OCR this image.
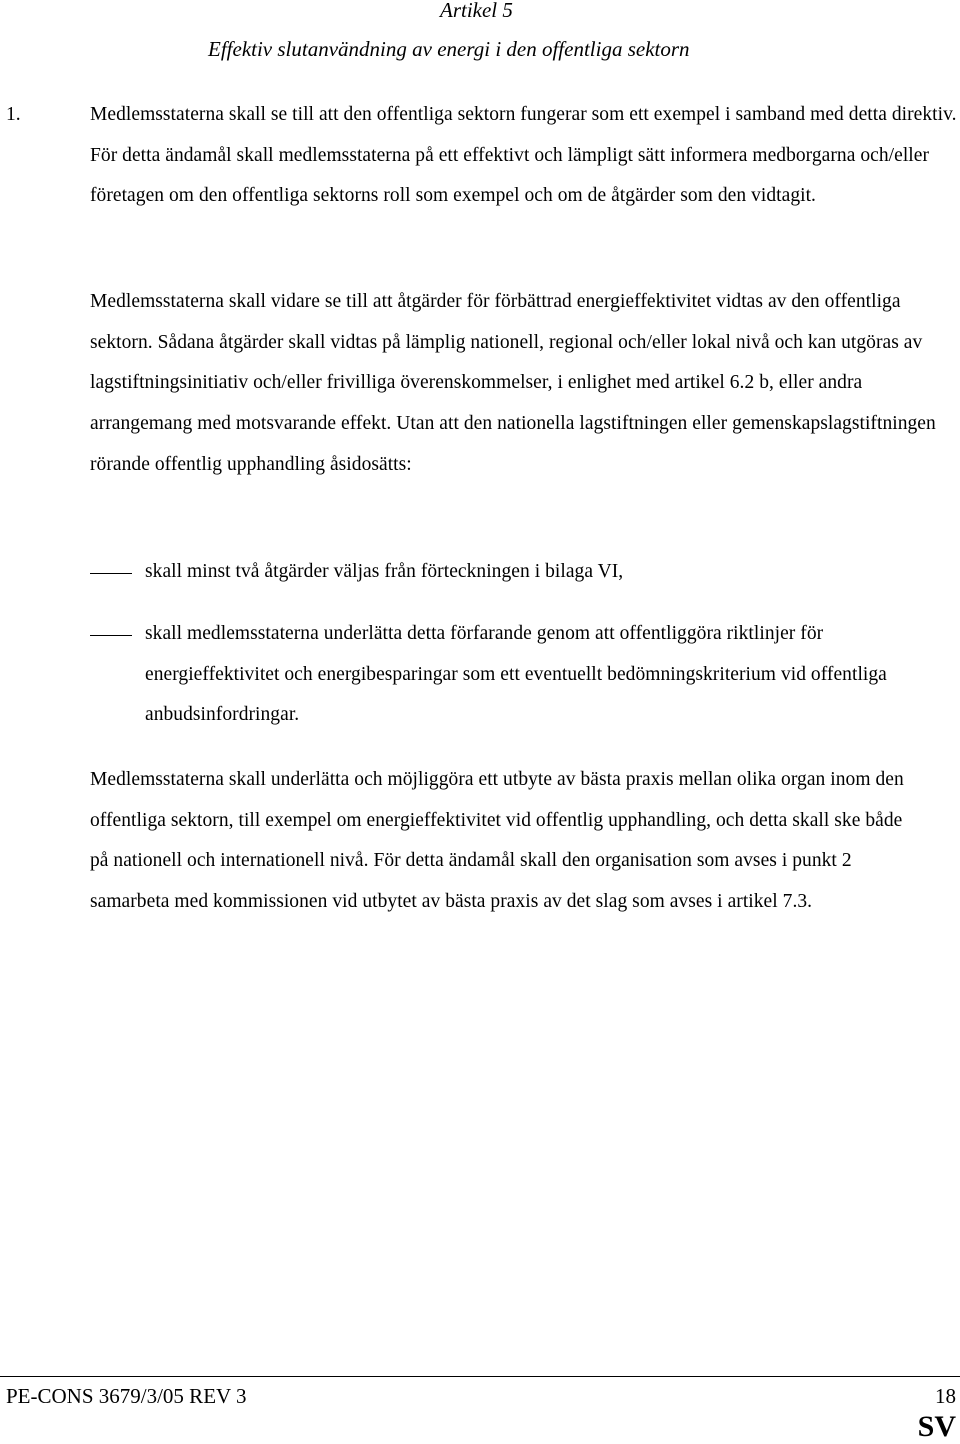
Artikel 5
Effektiv slutanvändning av energi i den offentliga sektorn
1.	Medlemsstaterna skall se till att den offentliga sektorn fungerar som ett exempel i samband med detta direktiv. För detta ändamål skall medlemsstaterna på ett effektivt och lämpligt sätt informera medborgarna och/eller företagen om den offentliga sektorns roll som exempel och om de åtgärder som den vidtagit.
Medlemsstaterna skall vidare se till att åtgärder för förbättrad energieffektivitet vidtas av den offentliga sektorn. Sådana åtgärder skall vidtas på lämplig nationell, regional och/eller lokal nivå och kan utgöras av lagstiftningsinitiativ och/eller frivilliga överenskommelser, i enlighet med artikel 6.2 b, eller andra arrangemang med motsvarande effekt. Utan att den nationella lagstiftningen eller gemenskapslagstiftningen rörande offentlig upphandling åsidosätts:
skall minst två åtgärder väljas från förteckningen i bilaga VI,
skall medlemsstaterna underlätta detta förfarande genom att offentliggöra riktlinjer för energieffektivitet och energibesparingar som ett eventuellt bedömningskriterium vid offentliga anbudsinfordringar.
Medlemsstaterna skall underlätta och möjliggöra ett utbyte av bästa praxis mellan olika organ inom den offentliga sektorn, till exempel om energieffektivitet vid offentlig upphandling, och detta skall ske både på nationell och internationell nivå. För detta ändamål skall den organisation som avses i punkt 2 samarbeta med kommissionen vid utbytet av bästa praxis av det slag som avses i artikel 7.3.
PE-CONS 3679/3/05 REV 3	18
SV
